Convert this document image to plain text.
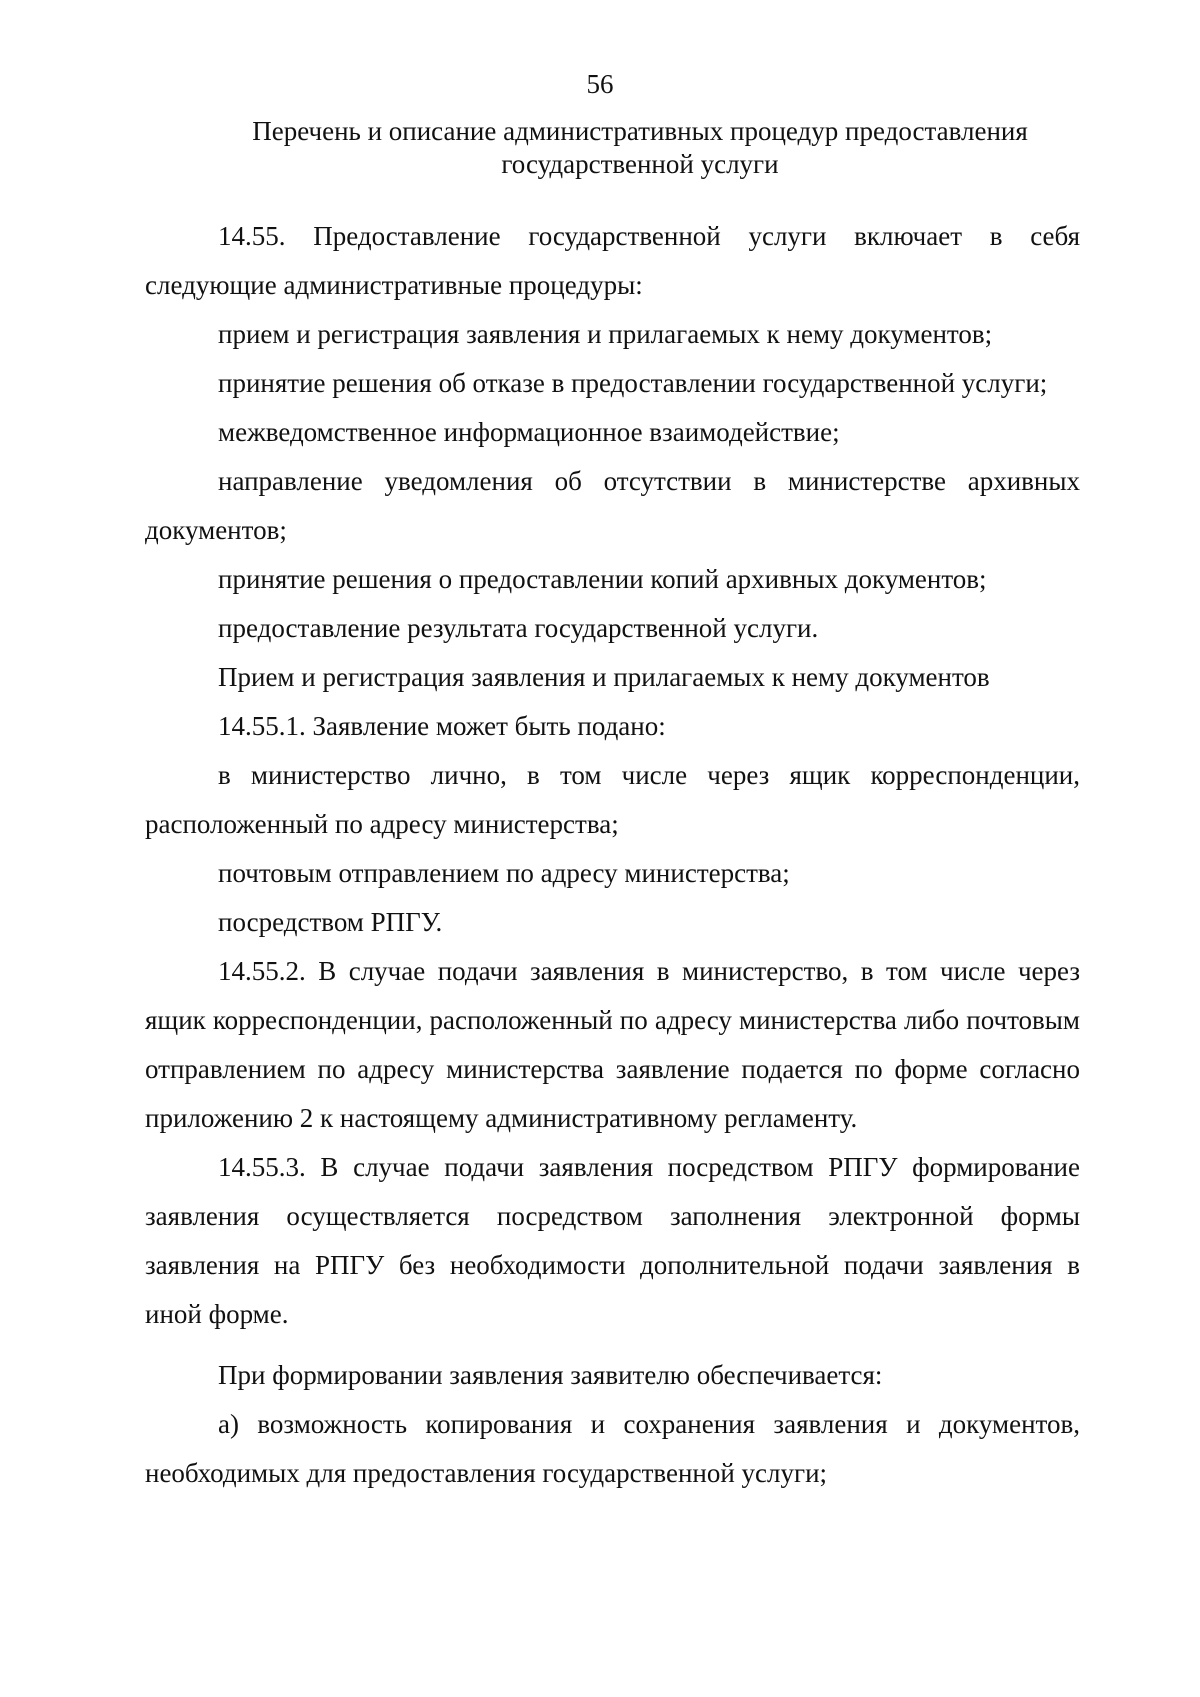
56
Перечень и описание административных процедур предоставления государственной услуги

14.55. Предоставление государственной услуги включает в себя следующие административные процедуры:

прием и регистрация заявления и прилагаемых к нему документов;

принятие решения об отказе в предоставлении государственной услуги;

межведомственное информационное взаимодействие;

направление уведомления об отсутствии в министерстве архивных документов;

принятие решения о предоставлении копий архивных документов;

предоставление результата государственной услуги.

Прием и регистрация заявления и прилагаемых к нему документов

14.55.1. Заявление может быть подано:

в министерство лично, в том числе через ящик корреспонденции, расположенный по адресу министерства;

почтовым отправлением по адресу министерства;

посредством РПГУ.

14.55.2. В случае подачи заявления в министерство, в том числе через ящик корреспонденции, расположенный по адресу министерства либо почтовым отправлением по адресу министерства заявление подается по форме согласно приложению 2 к настоящему административному регламенту.

14.55.3. В случае подачи заявления посредством РПГУ формирование заявления осуществляется посредством заполнения электронной формы заявления на РПГУ без необходимости дополнительной подачи заявления в иной форме.

При формировании заявления заявителю обеспечивается:

а) возможность копирования и сохранения заявления и документов, необходимых для предоставления государственной услуги;
